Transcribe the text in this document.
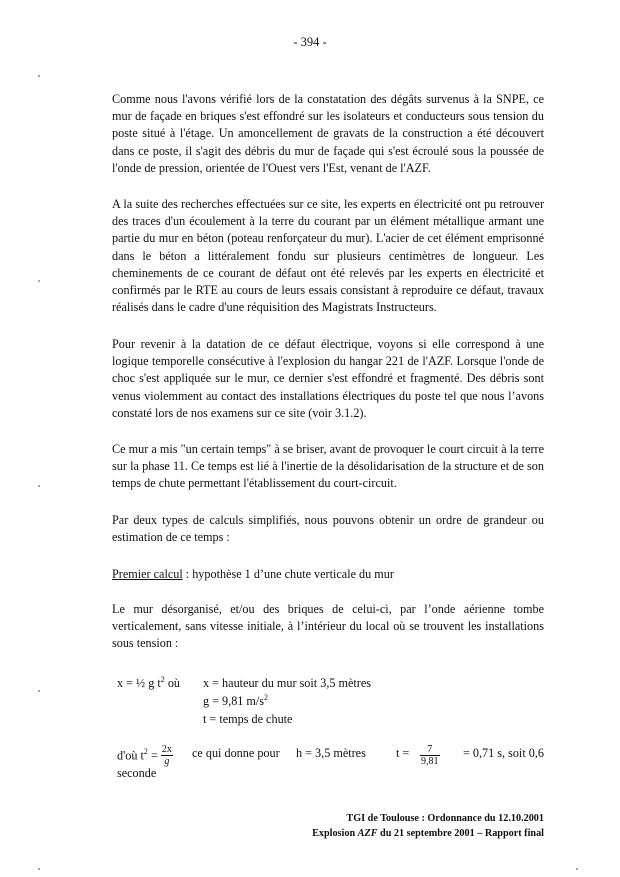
- 394 -

Comme nous l'avons vérifié lors de la constatation des dégâts survenus à la SNPE, ce mur de façade en briques s'est effondré sur les isolateurs et conducteurs sous tension du poste situé à l'étage. Un amoncellement de gravats de la construction a été découvert dans ce poste, il s'agit des débris du mur de façade qui s'est écroulé sous la poussée de l'onde de pression, orientée de l'Ouest vers l'Est, venant de l'AZF.

A la suite des recherches effectuées sur ce site, les experts en électricité ont pu retrouver des traces d'un écoulement à la terre du courant par un élément métallique armant une partie du mur en béton (poteau renforçateur du mur). L'acier de cet élément emprisonné dans le béton a littéralement fondu sur plusieurs centimètres de longueur. Les cheminements de ce courant de défaut ont été relevés par les experts en électricité et confirmés par le RTE au cours de leurs essais consistant à reproduire ce défaut, travaux réalisés dans le cadre d'une réquisition des Magistrats Instructeurs.

Pour revenir à la datation de ce défaut électrique, voyons si elle correspond à une logique temporelle consécutive à l'explosion du hangar 221 de l'AZF. Lorsque l'onde de choc s'est appliquée sur le mur, ce dernier s'est effondré et fragmenté. Des débris sont venus violemment au contact des installations électriques du poste tel que nous l’avons constaté lors de nos examens sur ce site (voir 3.1.2).

Ce mur a mis "un certain temps" à se briser, avant de provoquer le court circuit à la terre sur la phase 11. Ce temps est lié à l'inertie de la désolidarisation de la structure et de son temps de chute permettant l'établissement du court-circuit.

Par deux types de calculs simplifiés, nous pouvons obtenir un ordre de grandeur ou estimation de ce temps :

Premier calcul : hypothèse 1 d’une chute verticale du mur

Le mur désorganisé, et/ou des briques de celui-ci, par l’onde aérienne tombe verticalement, sans vitesse initiale, à l’intérieur du local où se trouvent les installations sous tension :

x = ½ g $t^2$ où x = hauteur du mur soit 3,5 mètres
g = 9,81 $m/s^2$
t = temps de chute
d'où $t^2 = \frac{2x}{g}$ ce qui donne pour h = 3,5 mètres $t = \frac{7}{9,81}$	= 0,71 s, soit 0,6
seconde
TGI de Toulouse : Ordonnance du 12.10.2001
Explosion AZF du 21 septembre 2001 – Rapport final
